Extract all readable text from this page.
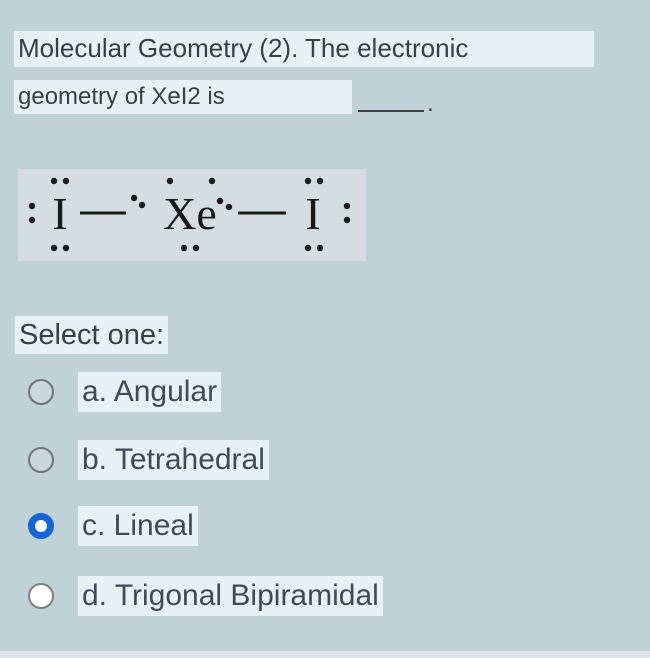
Molecular Geometry (2). The electronic
geometry of XeI2 is	.
I Xe I
Select one:
a. Angular
b. Tetrahedral
c. Lineal
d. Trigonal Bipiramidal
